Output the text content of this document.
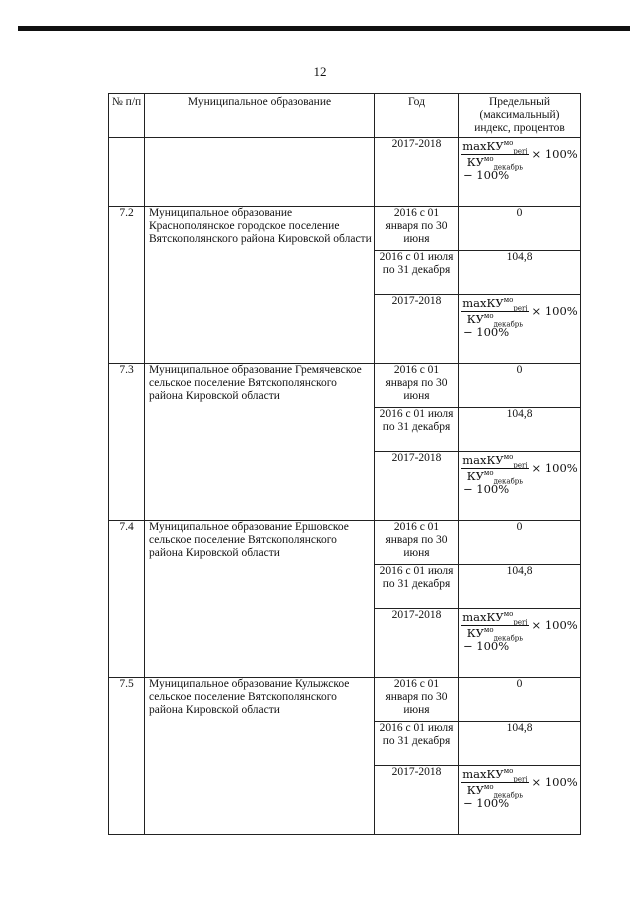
12
№ п/п	Муниципальное образование	Год	Предельный (максимальный) индекс, процентов
		2017-2018	$\frac{\max КУ^{мо}_{perj}}{КУ^{мо}_{декабрь}} \times 100\%$
− 100%

7.2	Муниципальное образование Краснополянское городское поселение Вятскополянского района Кировской области	2016 с 01 января по 30 июня	0
		2016 с 01 июля по 31 декабря	104,8
		2017-2018	$\frac{\max КУ^{мо}_{perj}}{КУ^{мо}_{декабрь}} \times 100\%$
− 100%

7.3	Муниципальное образование Гремячевское сельское поселение Вятскополянского района Кировской области	2016 с 01 января по 30 июня	0
		2016 с 01 июля по 31 декабря	104,8
		2017-2018	$\frac{\max КУ^{мо}_{perj}}{КУ^{мо}_{декабрь}} \times 100\%$
− 100%

7.4	Муниципальное образование Ершовское сельское поселение Вятскополянского района Кировской области	2016 с 01 января по 30 июня	0
		2016 с 01 июля по 31 декабря	104,8
		2017-2018	$\frac{\max КУ^{мо}_{perj}}{КУ^{мо}_{декабрь}} \times 100\%$
− 100%

7.5	Муниципальное образование Кулыжское сельское поселение Вятскополянского района Кировской области	2016 с 01 января по 30 июня	0
		2016 с 01 июля по 31 декабря	104,8
		2017-2018	$\frac{\max КУ^{мо}_{perj}}{КУ^{мо}_{декабрь}} \times 100\%$
− 100%
